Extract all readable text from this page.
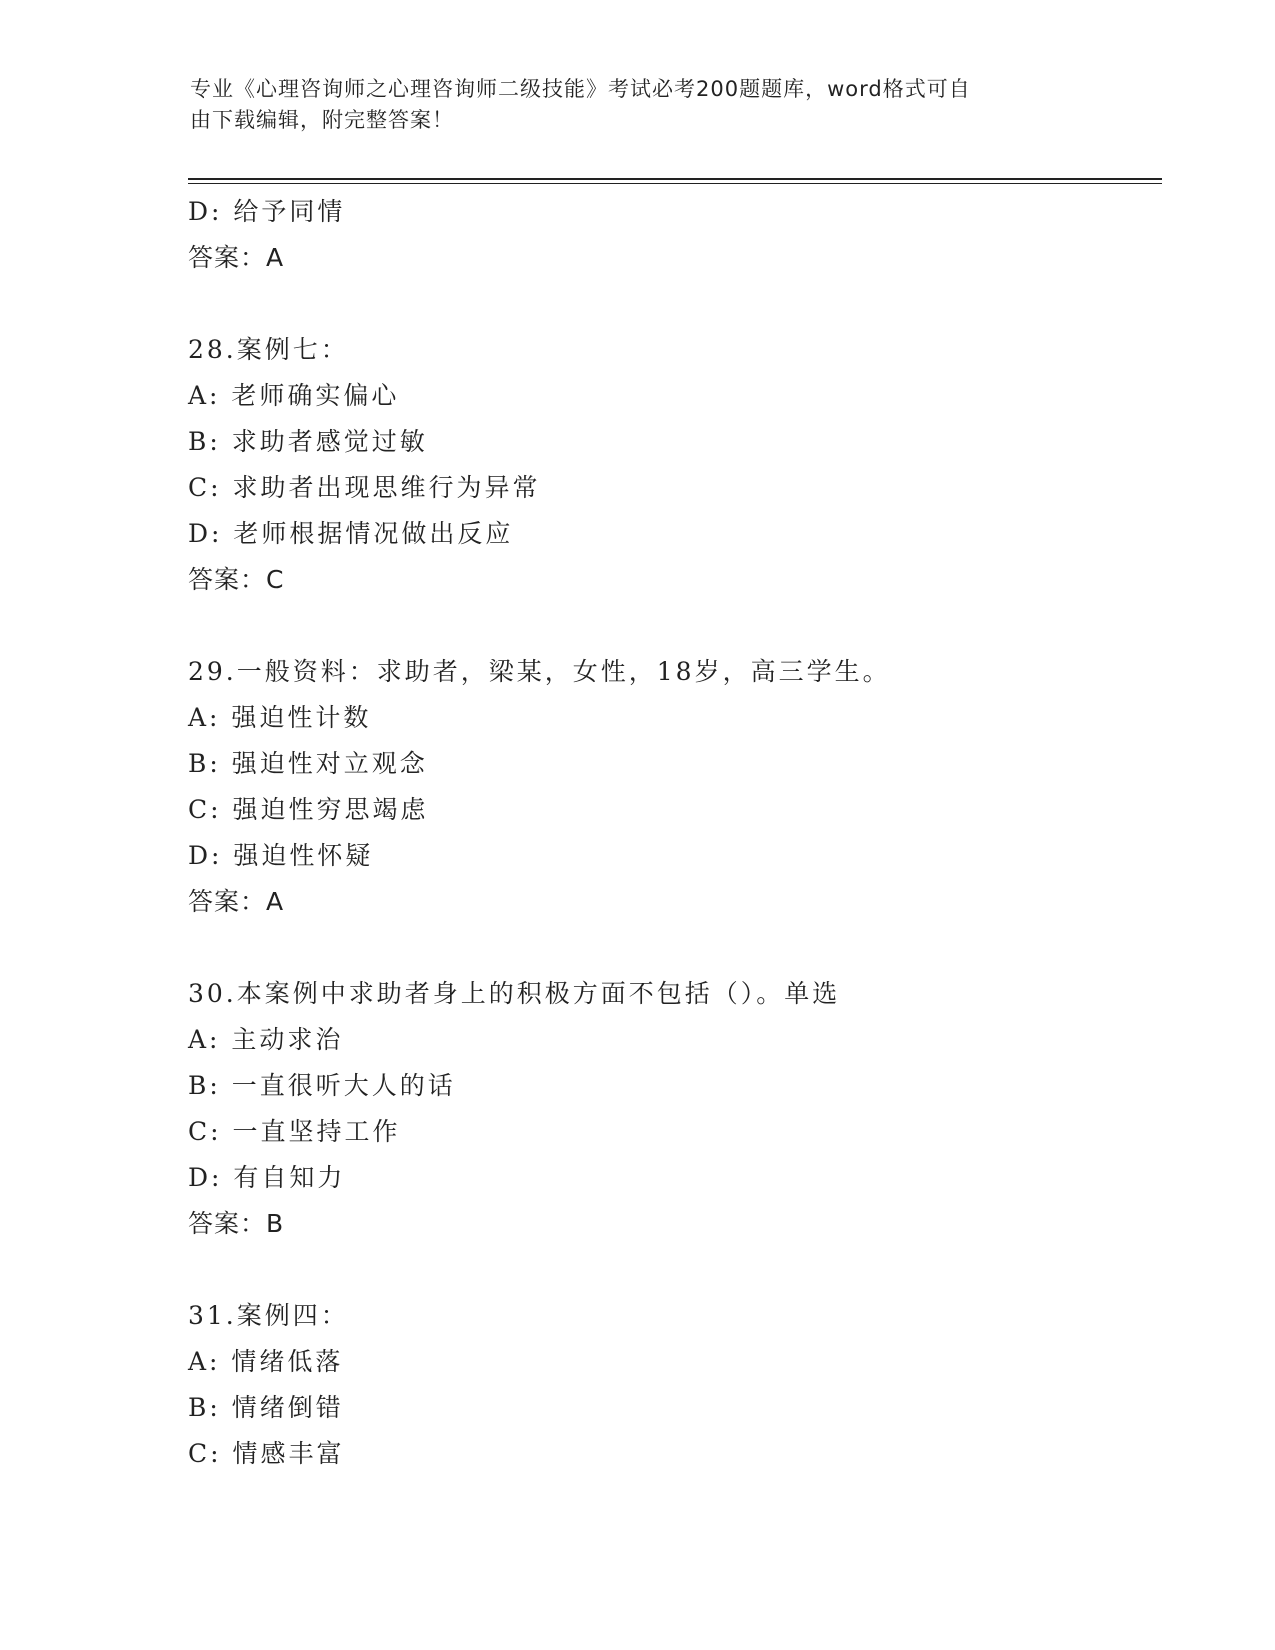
专业《心理咨询师之心理咨询师二级技能》考试必考200题题库，word格式可自
由下载编辑，附完整答案！
D: 给予同情
答案：A
28.案例七：
A: 老师确实偏心
B: 求助者感觉过敏
C: 求助者出现思维行为异常
D: 老师根据情况做出反应
答案：C
29.一般资料：求助者，梁某，女性，18岁，高三学生。
A: 强迫性计数
B: 强迫性对立观念
C: 强迫性穷思竭虑
D: 强迫性怀疑
答案：A
30.本案例中求助者身上的积极方面不包括（）。单选
A: 主动求治
B: 一直很听大人的话
C: 一直坚持工作
D: 有自知力
答案：B
31.案例四：
A: 情绪低落
B: 情绪倒错
C: 情感丰富
